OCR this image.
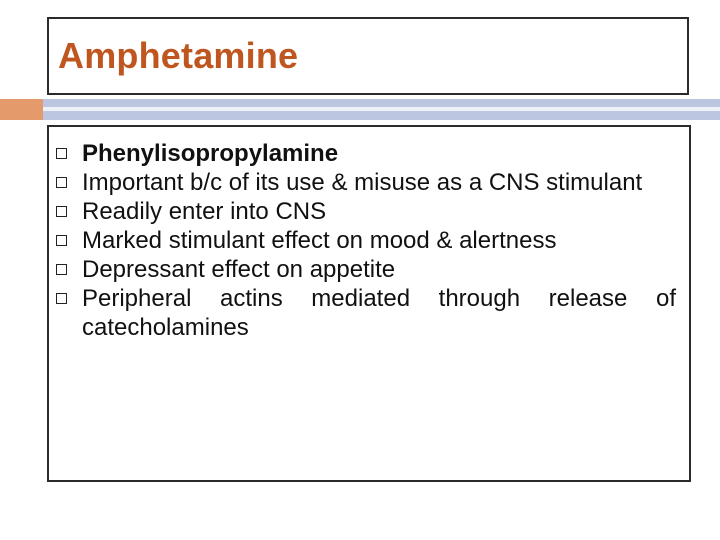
Amphetamine
Phenylisopropylamine
Important b/c of its use & misuse as a CNS stimulant
Readily enter into CNS
Marked stimulant effect on mood & alertness
Depressant effect on appetite
Peripheral actins mediated through release of catecholamines
